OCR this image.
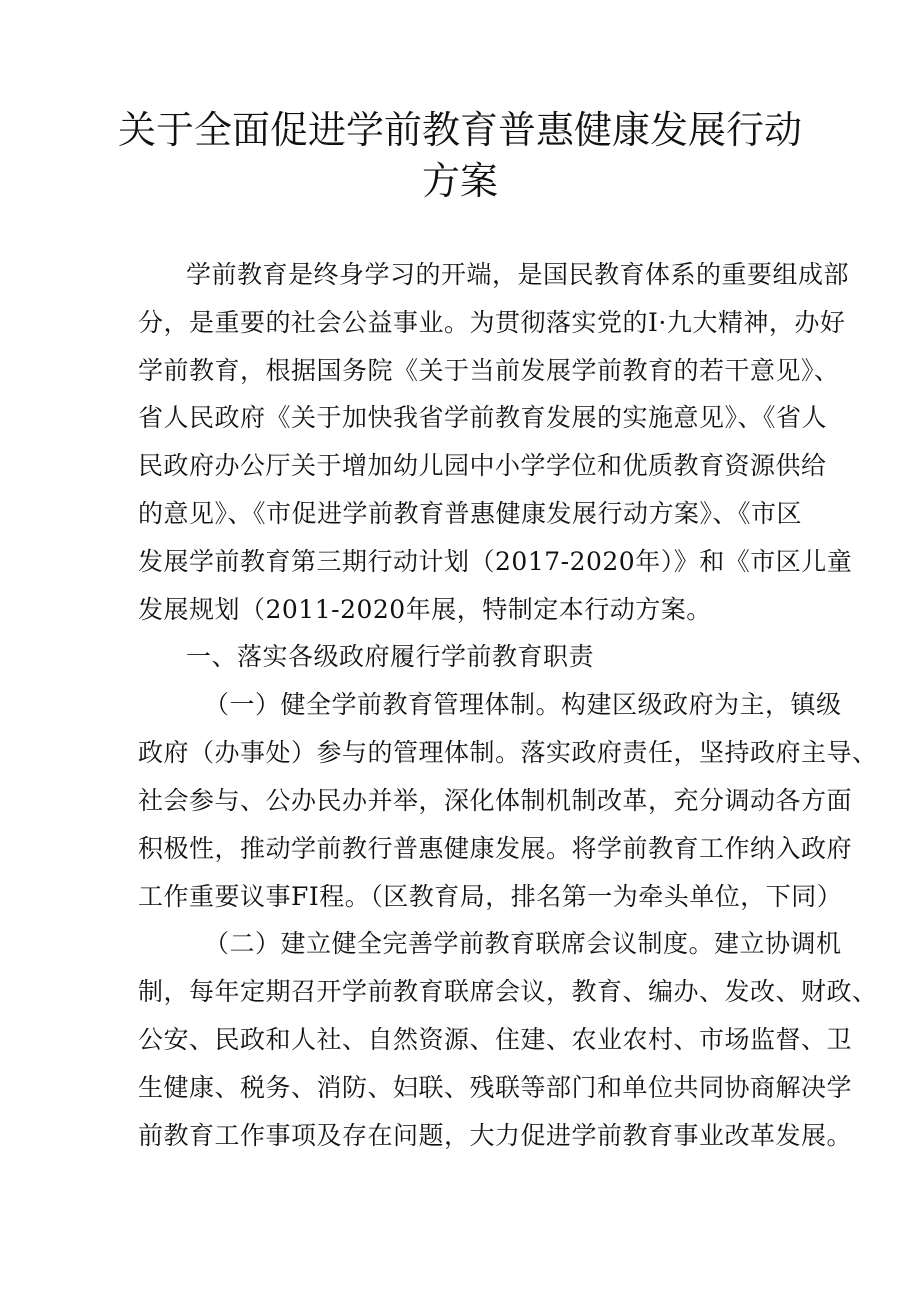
关于全面促进学前教育普惠健康发展行动
方案
学前教育是终身学习的开端，是国民教育体系的重要组成部
分，是重要的社会公益事业。为贯彻落实党的I·九大精神，办好
学前教育，根据国务院《关于当前发展学前教育的若干意见》、
省人民政府《关于加快我省学前教育发展的实施意见》、《省人
民政府办公厅关于增加幼儿园中小学学位和优质教育资源供给
的意见》、《市促进学前教育普惠健康发展行动方案》、《市区
发展学前教育第三期行动计划（2017-2020年）》和《市区儿童
发展规划（2011-2020年展，特制定本行动方案。
一、落实各级政府履行学前教育职责
（一）健全学前教育管理体制。构建区级政府为主，镇级
政府（办事处）参与的管理体制。落实政府责任，坚持政府主导、
社会参与、公办民办并举，深化体制机制改革，充分调动各方面
积极性，推动学前教行普惠健康发展。将学前教育工作纳入政府
工作重要议事FI程。（区教育局，排名第一为牵头单位，下同）
（二）建立健全完善学前教育联席会议制度。建立协调机
制，每年定期召开学前教育联席会议，教育、编办、发改、财政、
公安、民政和人社、自然资源、住建、农业农村、市场监督、卫
生健康、税务、消防、妇联、残联等部门和单位共同协商解决学
前教育工作事项及存在问题，大力促进学前教育事业改革发展。
